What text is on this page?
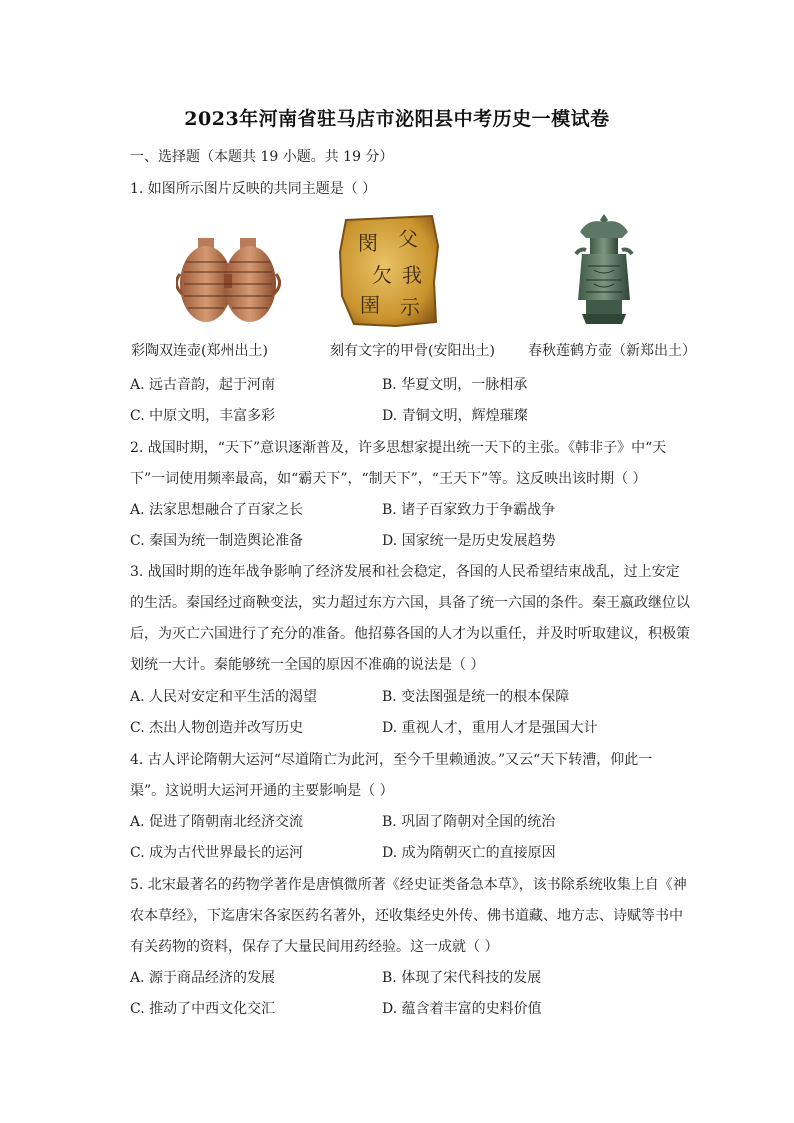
2023年河南省驻马店市泌阳县中考历史一模试卷
一、选择题（本题共 19 小题。共 19 分）
1. 如图所示图片反映的共同主题是（ ）
閔 父
欠 我
圉 示
彩陶双连壶(郑州出土)	刻有文字的甲骨(安阳出土) 春秋莲鹤方壶（新郑出土）
A. 远古音韵，起于河南	B. 华夏文明，一脉相承
C. 中原文明，丰富多彩	D. 青铜文明，辉煌璀璨
2. 战国时期，“天下”意识逐渐普及，许多思想家提出统一天下的主张。《韩非子》中“天
下”一词使用频率最高，如“霸天下”，“制天下”，“王天下”等。这反映出该时期（ ）
A. 法家思想融合了百家之长	B. 诸子百家致力于争霸战争
C. 秦国为统一制造舆论准备	D. 国家统一是历史发展趋势
3. 战国时期的连年战争影响了经济发展和社会稳定，各国的人民希望结束战乱，过上安定
的生活。秦国经过商鞅变法，实力超过东方六国，具备了统一六国的条件。秦王嬴政继位以
后，为灭亡六国进行了充分的准备。他招募各国的人才为以重任，并及时听取建议，积极策
划统一大计。秦能够统一全国的原因不准确的说法是（ ）
A. 人民对安定和平生活的渴望	B. 变法图强是统一的根本保障
C. 杰出人物创造并改写历史	D. 重视人才，重用人才是强国大计
4. 古人评论隋朝大运河“尽道隋亡为此河，至今千里赖通波。”又云“天下转漕，仰此一
渠”。这说明大运河开通的主要影响是（ ）
A. 促进了隋朝南北经济交流	B. 巩固了隋朝对全国的统治
C. 成为古代世界最长的运河	D. 成为隋朝灭亡的直接原因
5. 北宋最著名的药物学著作是唐慎微所著《经史证类备急本草》，该书除系统收集上自《神
农本草经》，下迄唐宋各家医药名著外，还收集经史外传、佛书道藏、地方志、诗赋等书中
有关药物的资料，保存了大量民间用药经验。这一成就（ ）
A. 源于商品经济的发展	B. 体现了宋代科技的发展
C. 推动了中西文化交汇	D. 蕴含着丰富的史料价值
